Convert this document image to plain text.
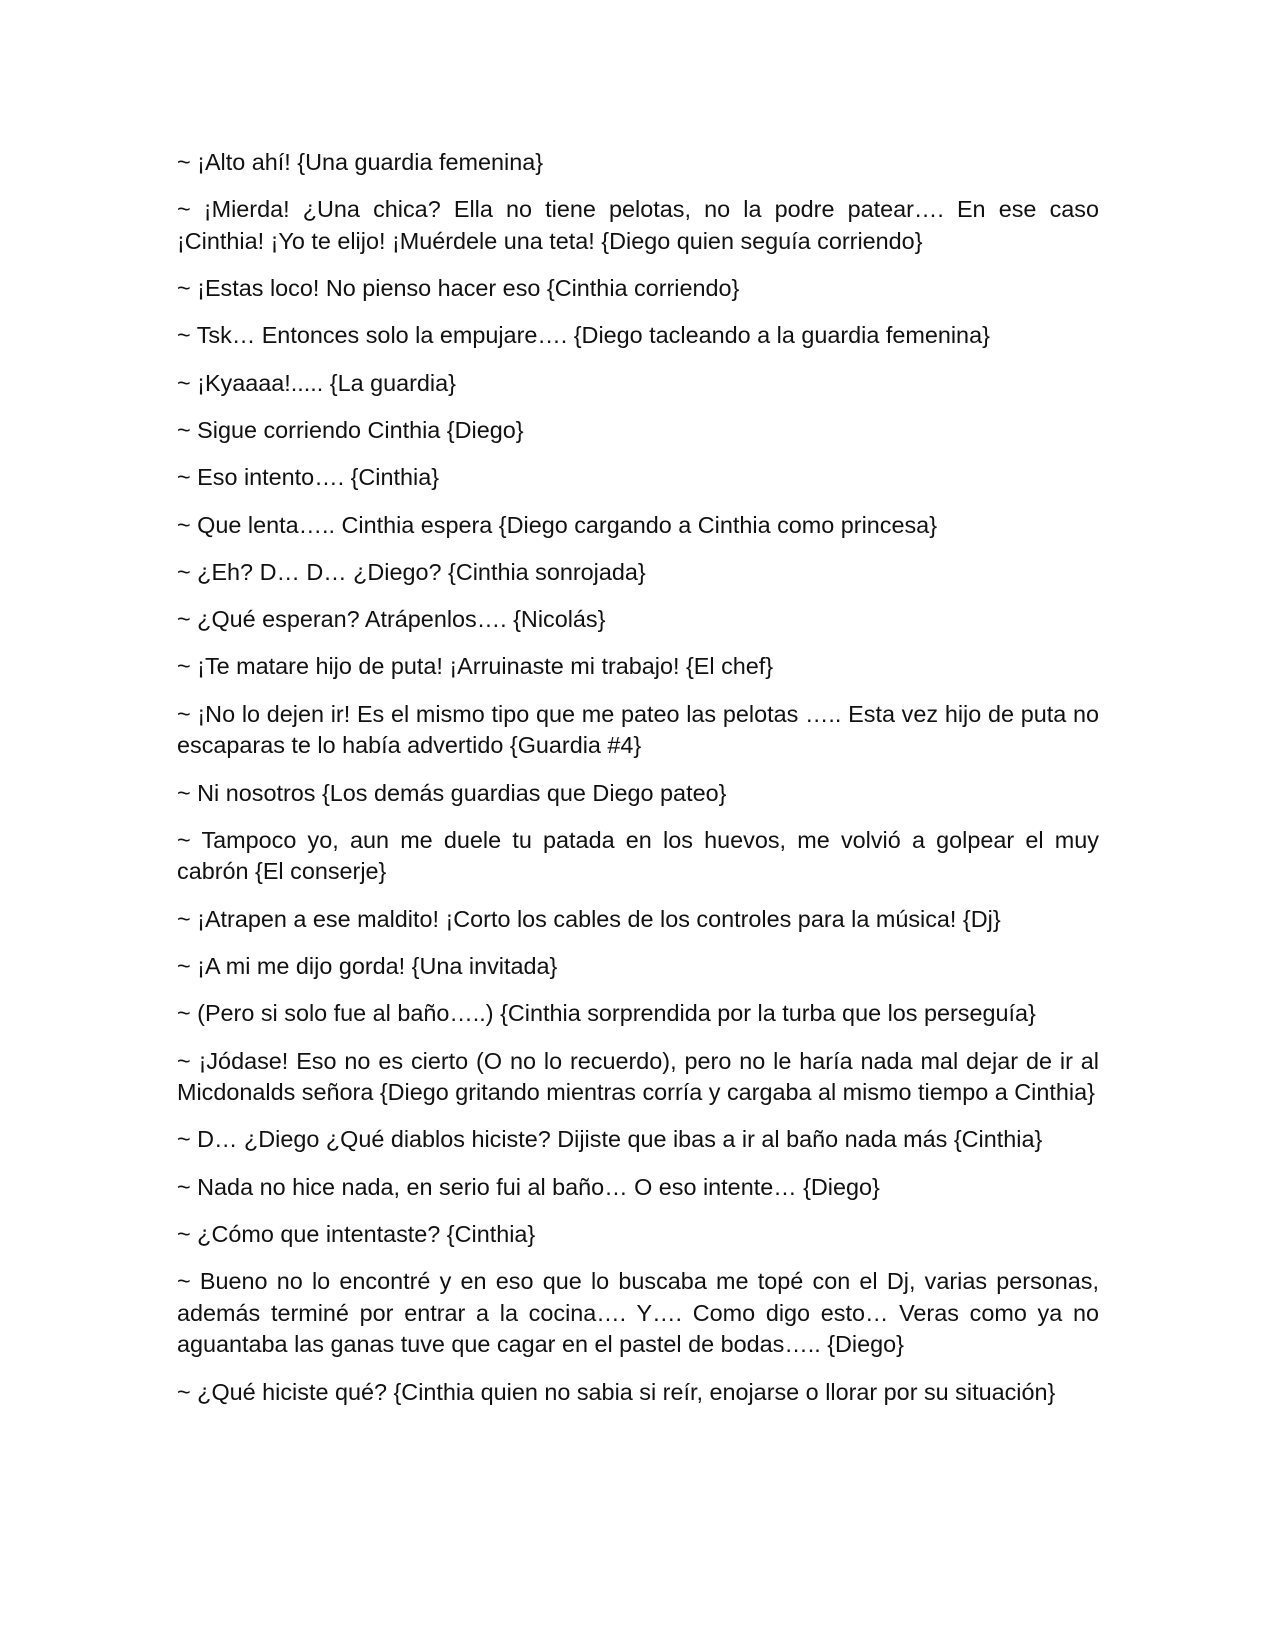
~ ¡Alto ahí! {Una guardia femenina}

~ ¡Mierda! ¿Una chica? Ella no tiene pelotas, no la podre patear…. En ese caso ¡Cinthia! ¡Yo te elijo! ¡Muérdele una teta! {Diego quien seguía corriendo}

~ ¡Estas loco! No pienso hacer eso {Cinthia corriendo}

~ Tsk… Entonces solo la empujare…. {Diego tacleando a la guardia femenina}

~ ¡Kyaaaa!..... {La guardia}

~ Sigue corriendo Cinthia {Diego}

~ Eso intento…. {Cinthia}

~ Que lenta….. Cinthia espera {Diego cargando a Cinthia como princesa}

~ ¿Eh? D… D… ¿Diego? {Cinthia sonrojada}

~ ¿Qué esperan? Atrápenlos…. {Nicolás}

~ ¡Te matare hijo de puta! ¡Arruinaste mi trabajo! {El chef}

~ ¡No lo dejen ir! Es el mismo tipo que me pateo las pelotas ….. Esta vez hijo de puta no escaparas te lo había advertido {Guardia #4}

~ Ni nosotros {Los demás guardias que Diego pateo}

~ Tampoco yo, aun me duele tu patada en los huevos, me volvió a golpear el muy cabrón {El conserje}

~ ¡Atrapen a ese maldito! ¡Corto los cables de los controles para la música! {Dj}

~ ¡A mi me dijo gorda! {Una invitada}

~ (Pero si solo fue al baño…..) {Cinthia sorprendida por la turba que los perseguía}

~ ¡Jódase! Eso no es cierto (O no lo recuerdo), pero no le haría nada mal dejar de ir al Micdonalds señora {Diego gritando mientras corría y cargaba al mismo tiempo a Cinthia}

~ D… ¿Diego ¿Qué diablos hiciste? Dijiste que ibas a ir al baño nada más {Cinthia}

~ Nada no hice nada, en serio fui al baño… O eso intente… {Diego}

~ ¿Cómo que intentaste? {Cinthia}

~ Bueno no lo encontré y en eso que lo buscaba me topé con el Dj, varias personas, además terminé por entrar a la cocina…. Y…. Como digo esto… Veras como ya no aguantaba las ganas tuve que cagar en el pastel de bodas….. {Diego}

~ ¿Qué hiciste qué? {Cinthia quien no sabia si reír, enojarse o llorar por su situación}
